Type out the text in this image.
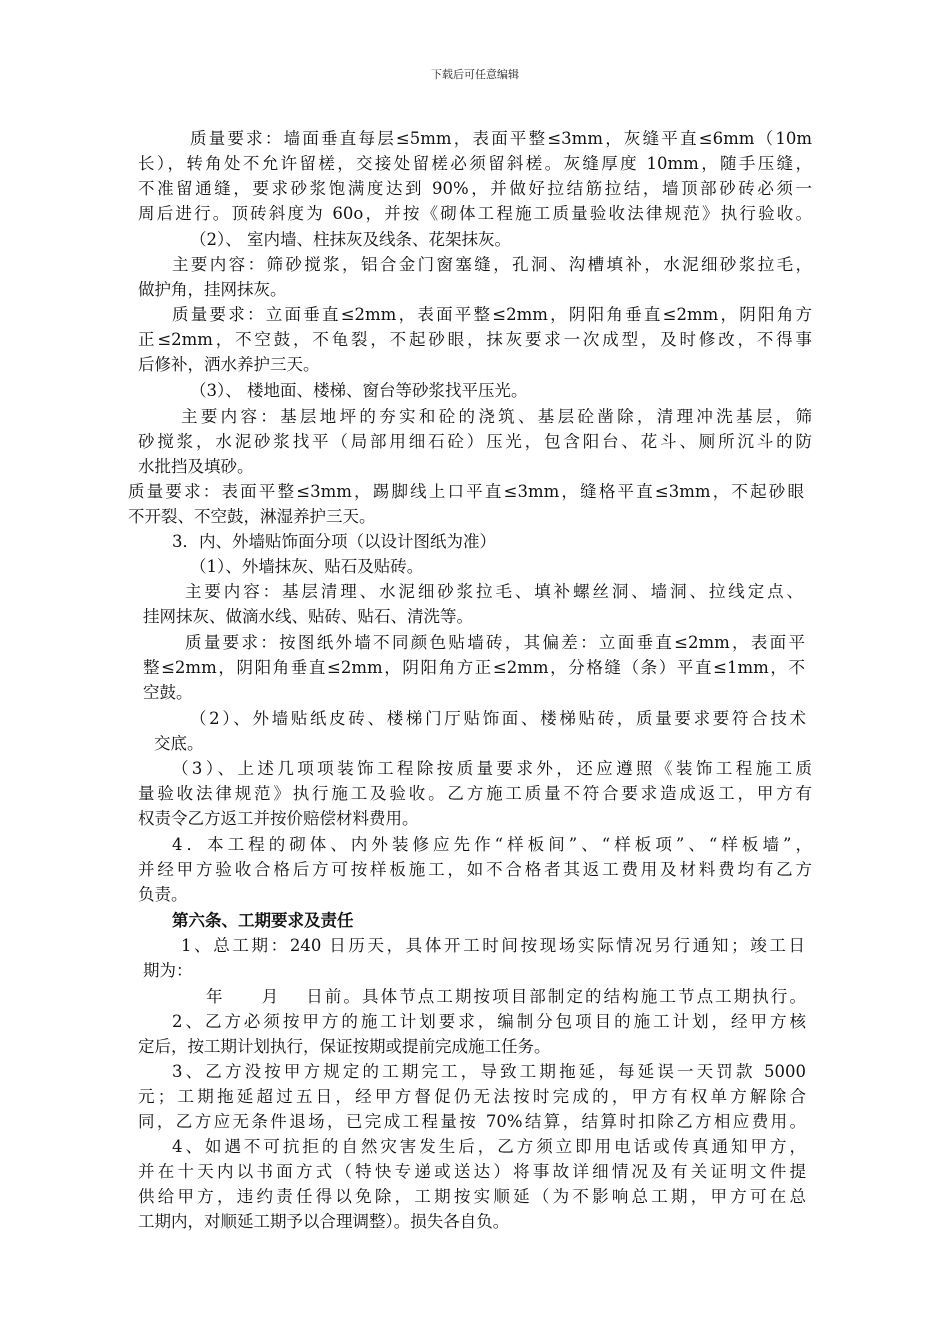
下载后可任意编辑
质量要求：墙面垂直每层≤5mm，表面平整≤3mm，灰缝平直≤6mm（10m
长），转角处不允许留槎，交接处留槎必须留斜槎。灰缝厚度 10mm，随手压缝，
不准留通缝，要求砂浆饱满度达到 90%，并做好拉结筋拉结，墙顶部砂砖必须一
周后进行。顶砖斜度为 60o，并按《砌体工程施工质量验收法律规范》执行验收。
（2）、 室内墙、柱抹灰及线条、花架抹灰。
主要内容：筛砂搅浆，铝合金门窗塞缝，孔洞、沟槽填补，水泥细砂浆拉毛，
做护角，挂网抹灰。
质量要求：立面垂直≤2mm，表面平整≤2mm，阴阳角垂直≤2mm，阴阳角方
正≤2mm，不空鼓，不龟裂，不起砂眼，抹灰要求一次成型，及时修改，不得事
后修补，洒水养护三天。
（3）、 楼地面、楼梯、窗台等砂浆找平压光。
主要内容：基层地坪的夯实和砼的浇筑、基层砼凿除，清理冲洗基层，筛
砂搅浆，水泥砂浆找平（局部用细石砼）压光，包含阳台、花斗、厕所沉斗的防
水批挡及填砂。
质量要求：表面平整≤3mm，踢脚线上口平直≤3mm，缝格平直≤3mm，不起砂眼
不开裂、不空鼓，淋湿养护三天。
3．内、外墙贴饰面分项（以设计图纸为准）
（1）、外墙抹灰、贴石及贴砖。
主要内容：基层清理、水泥细砂浆拉毛、填补螺丝洞、墙洞、拉线定点、
挂网抹灰、做滴水线、贴砖、贴石、清洗等。
质量要求：按图纸外墙不同颜色贴墙砖，其偏差：立面垂直≤2mm，表面平
整≤2mm，阴阳角垂直≤2mm，阴阳角方正≤2mm，分格缝（条）平直≤1mm，不
空鼓。
（2）、外墙贴纸皮砖、楼梯门厅贴饰面、楼梯贴砖，质量要求要符合技术
交底。
（3）、上述几项项装饰工程除按质量要求外，还应遵照《装饰工程施工质
量验收法律规范》执行施工及验收。乙方施工质量不符合要求造成返工，甲方有
权责令乙方返工并按价赔偿材料费用。
4．本工程的砌体、内外装修应先作“样板间”、“样板项”、“样板墙”，
并经甲方验收合格后方可按样板施工，如不合格者其返工费用及材料费均有乙方
负责。
第六条、工期要求及责任
1、总工期：240 日历天，具体开工时间按现场实际情况另行通知；竣工日
期为：
年　　月　 日前。具体节点工期按项目部制定的结构施工节点工期执行。
2、乙方必须按甲方的施工计划要求，编制分包项目的施工计划，经甲方核
定后，按工期计划执行，保证按期或提前完成施工任务。
3、乙方没按甲方规定的工期完工，导致工期拖延，每延误一天罚款 5000
元；工期拖延超过五日，经甲方督促仍无法按时完成的，甲方有权单方解除合
同，乙方应无条件退场，已完成工程量按 70%结算，结算时扣除乙方相应费用。
4、如遇不可抗拒的自然灾害发生后，乙方须立即用电话或传真通知甲方，
并在十天内以书面方式（特快专递或送达）将事故详细情况及有关证明文件提
供给甲方，违约责任得以免除，工期按实顺延（为不影响总工期，甲方可在总
工期内，对顺延工期予以合理调整）。损失各自负。
